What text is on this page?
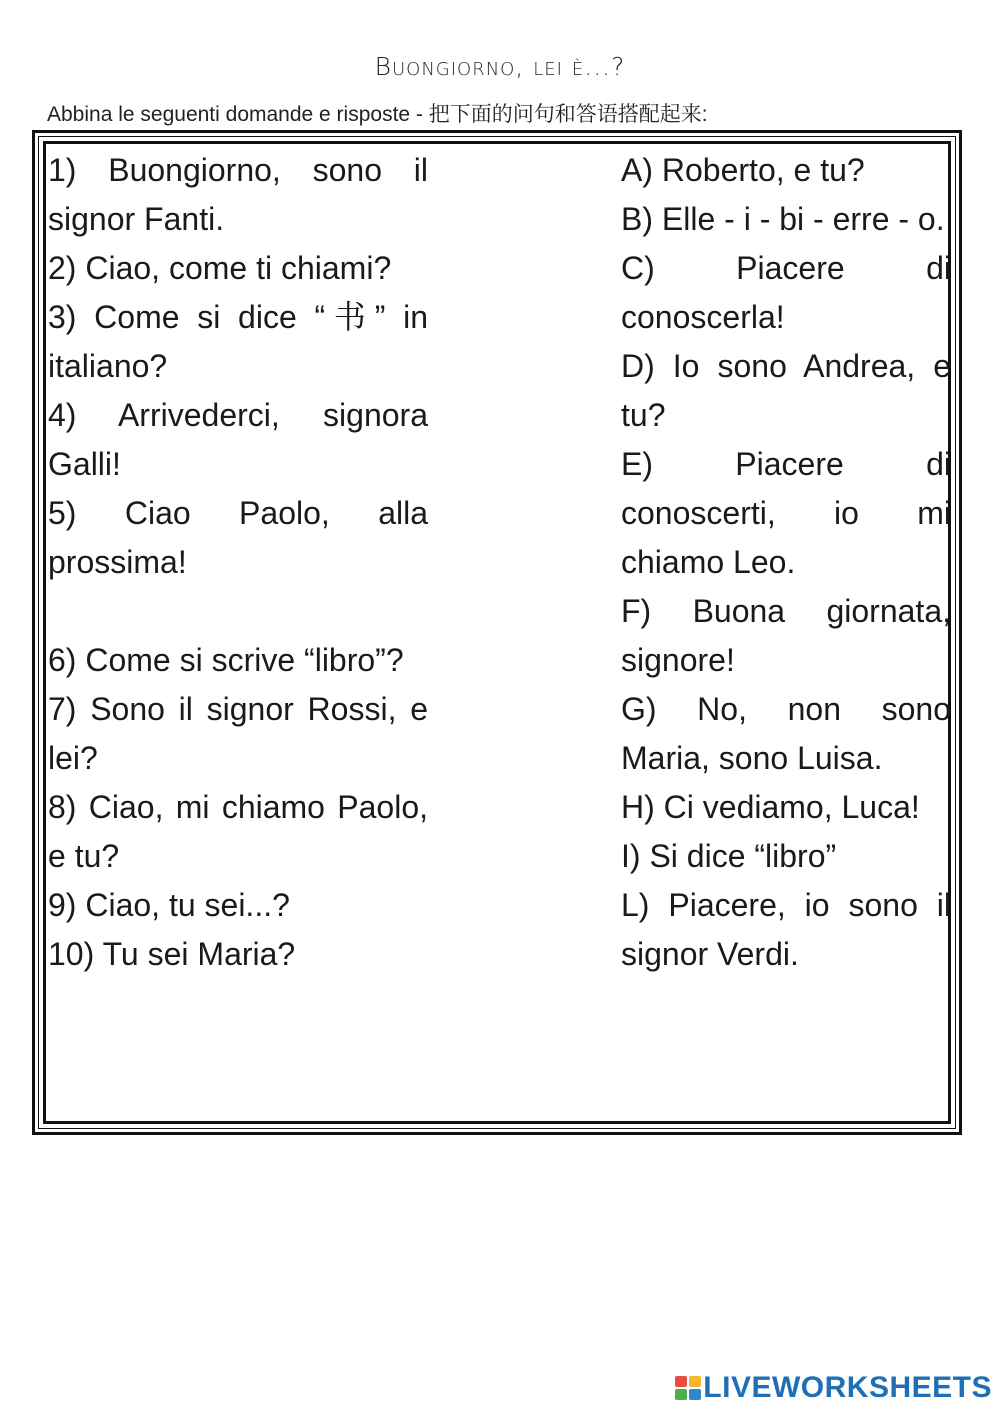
Buongiorno, lei è...?
Abbina le seguenti domande e risposte - 把下面的问句和答语搭配起来:

1) Buongiorno, sono il signor Fanti.

2) Ciao, come ti chiami?

3) Come si dice “书” in italiano?

4) Arrivederci, signora Galli!

5) Ciao Paolo, alla prossima!

6) Come si scrive “libro”?

7) Sono il signor Rossi, e lei?

8) Ciao, mi chiamo Paolo, e tu?

9) Ciao, tu sei...?

10) Tu sei Maria?

A) Roberto, e tu?

B) Elle - i - bi - erre - o.

C) Piacere di conoscerla!

D) Io sono Andrea, e tu?

E) Piacere di conoscerti, io mi chiamo Leo.

F) Buona giornata, signore!

G) No, non sono Maria, sono Luisa.

H) Ci vediamo, Luca!

I) Si dice “libro”

L) Piacere, io sono il signor Verdi.

LIVEWORKSHEETS
